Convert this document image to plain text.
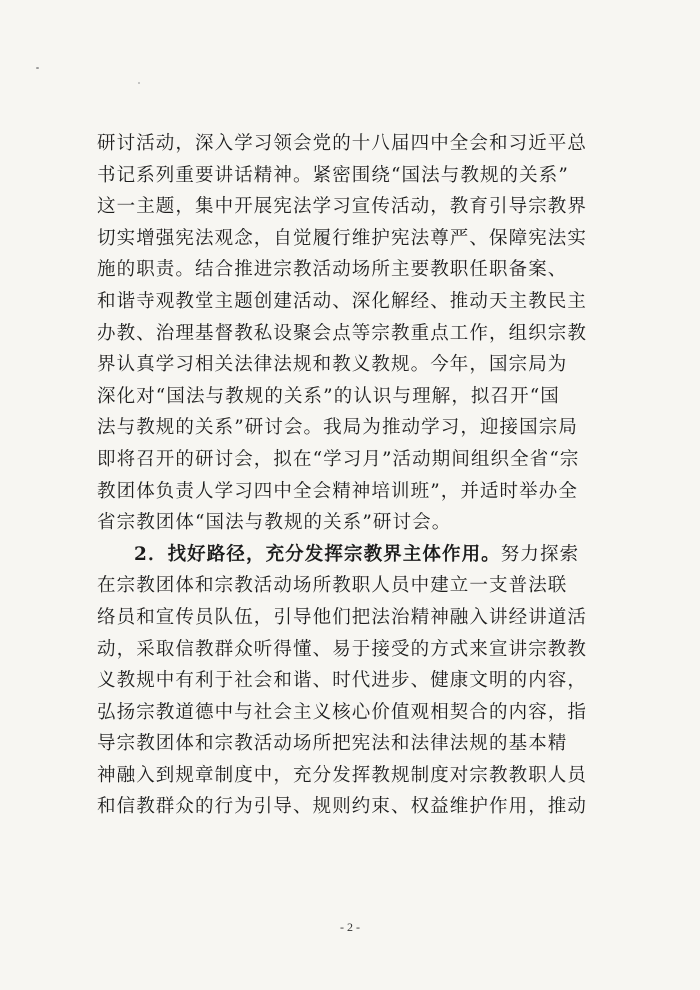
研讨活动，深入学习领会党的十八届四中全会和习近平总
书记系列重要讲话精神。紧密围绕“国法与教规的关系”
这一主题，集中开展宪法学习宣传活动，教育引导宗教界
切实增强宪法观念，自觉履行维护宪法尊严、保障宪法实
施的职责。结合推进宗教活动场所主要教职任职备案、
和谐寺观教堂主题创建活动、深化解经、推动天主教民主
办教、治理基督教私设聚会点等宗教重点工作，组织宗教
界认真学习相关法律法规和教义教规。今年，国宗局为
深化对“国法与教规的关系”的认识与理解，拟召开“国
法与教规的关系”研讨会。我局为推动学习，迎接国宗局
即将召开的研讨会，拟在“学习月”活动期间组织全省“宗
教团体负责人学习四中全会精神培训班”，并适时举办全
省宗教团体“国法与教规的关系”研讨会。
2．找好路径，充分发挥宗教界主体作用。努力探索
在宗教团体和宗教活动场所教职人员中建立一支普法联
络员和宣传员队伍，引导他们把法治精神融入讲经讲道活
动，采取信教群众听得懂、易于接受的方式来宣讲宗教教
义教规中有利于社会和谐、时代进步、健康文明的内容，
弘扬宗教道德中与社会主义核心价值观相契合的内容，指
导宗教团体和宗教活动场所把宪法和法律法规的基本精
神融入到规章制度中，充分发挥教规制度对宗教教职人员
和信教群众的行为引导、规则约束、权益维护作用，推动
- 2 -
